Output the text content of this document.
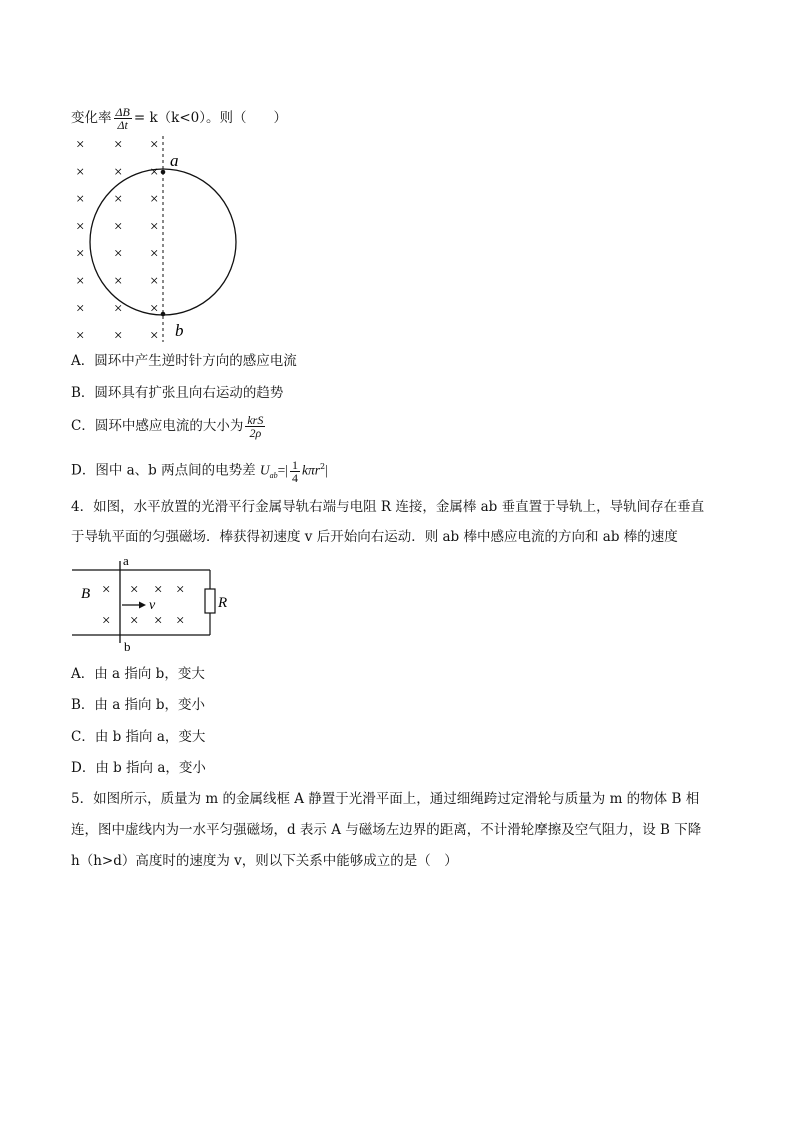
变化率 $\frac{\Delta B}{\Delta t} = k(k<0)$。则（　　）
a
b
× × ×
× × ×
× × ×
× × ×
× × ×
× × ×
× × ×
× × ×
A．圆环中产生逆时针方向的感应电流
B．圆环具有扩张且向右运动的趋势
C．圆环中感应电流的大小为 $\frac{\text{krS}}{2\rho}$
D．图中 a、b 两点间的电势差 $U_{ab}=| \frac{1}{4} k\pi r^2|$
4．如图，水平放置的光滑平行金属导轨右端与电阻 R 连接，金属棒 ab 垂直置于导轨上，导轨间存在垂直
于导轨平面的匀强磁场．棒获得初速度 v 后开始向右运动．则 ab 棒中感应电流的方向和 ab 棒的速度
a
b
B
R
v
×
×
× × ×
× × ×
A．由 a 指向 b，变大
B．由 a 指向 b，变小
C．由 b 指向 a，变大
D．由 b 指向 a，变小
5．如图所示，质量为 m 的金属线框 A 静置于光滑平面上，通过细绳跨过定滑轮与质量为 m 的物体 B 相
连，图中虚线内为一水平匀强磁场，d 表示 A 与磁场左边界的距离，不计滑轮摩擦及空气阻力，设 B 下降
h（h>d）高度时的速度为 v，则以下关系中能够成立的是（　）
